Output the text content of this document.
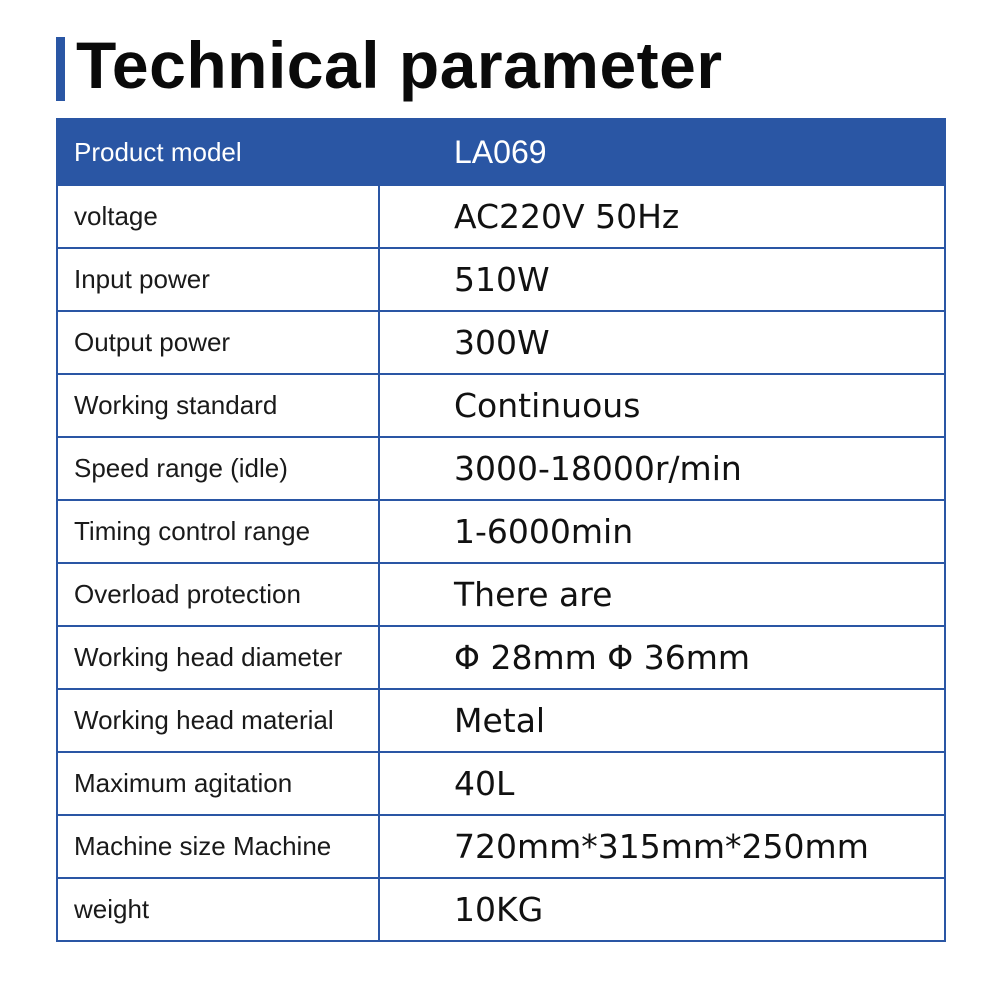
Technical parameter
Product model	LA069
voltage	AC220V 50Hz
Input power	510W
Output power	300W
Working standard	Continuous
Speed range (idle)	3000-18000r/min
Timing control range	1-6000min
Overload protection	There are
Working head diameter	Φ 28mm Φ 36mm
Working head material	Metal
Maximum agitation	40L
Machine size Machine	720mm*315mm*250mm
weight	10KG
